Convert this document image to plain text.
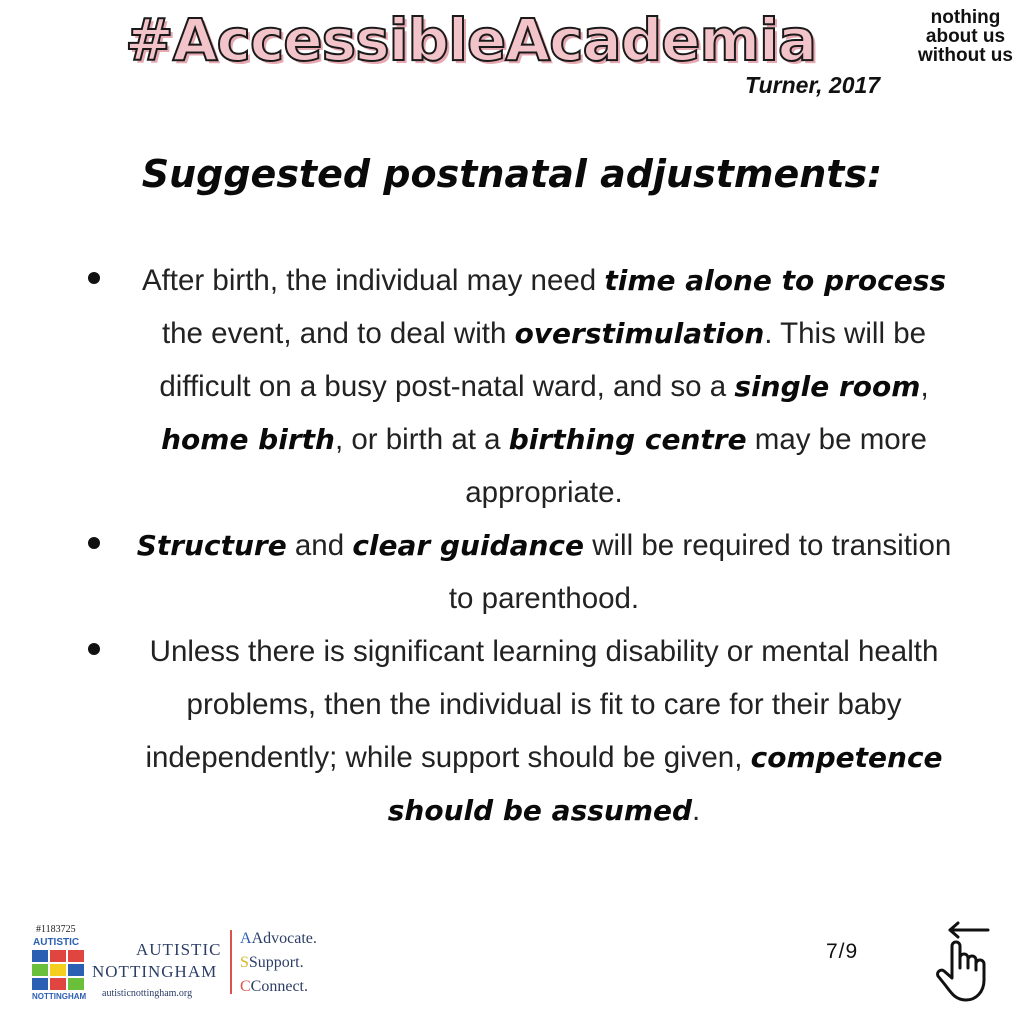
#AccessibleAcademia	nothing
about us
without us
Turner, 2017
Suggested postnatal adjustments:
After birth, the individual may need time alone to process the event, and to deal with overstimulation. This will be difficult on a busy post-natal ward, and so a single room, home birth, or birth at a birthing centre may be more appropriate.
Structure and clear guidance will be required to transition to parenthood.
Unless there is significant learning disability or mental health problems, then the individual is fit to care for their baby independently; while support should be given, competence should be assumed.
#1183725
AUTISTIC
NOTTINGHAM
AUTISTIC
NOTTINGHAM
autisticnottingham.org
AAdvocate.
SSupport.
CConnect.
7/9
